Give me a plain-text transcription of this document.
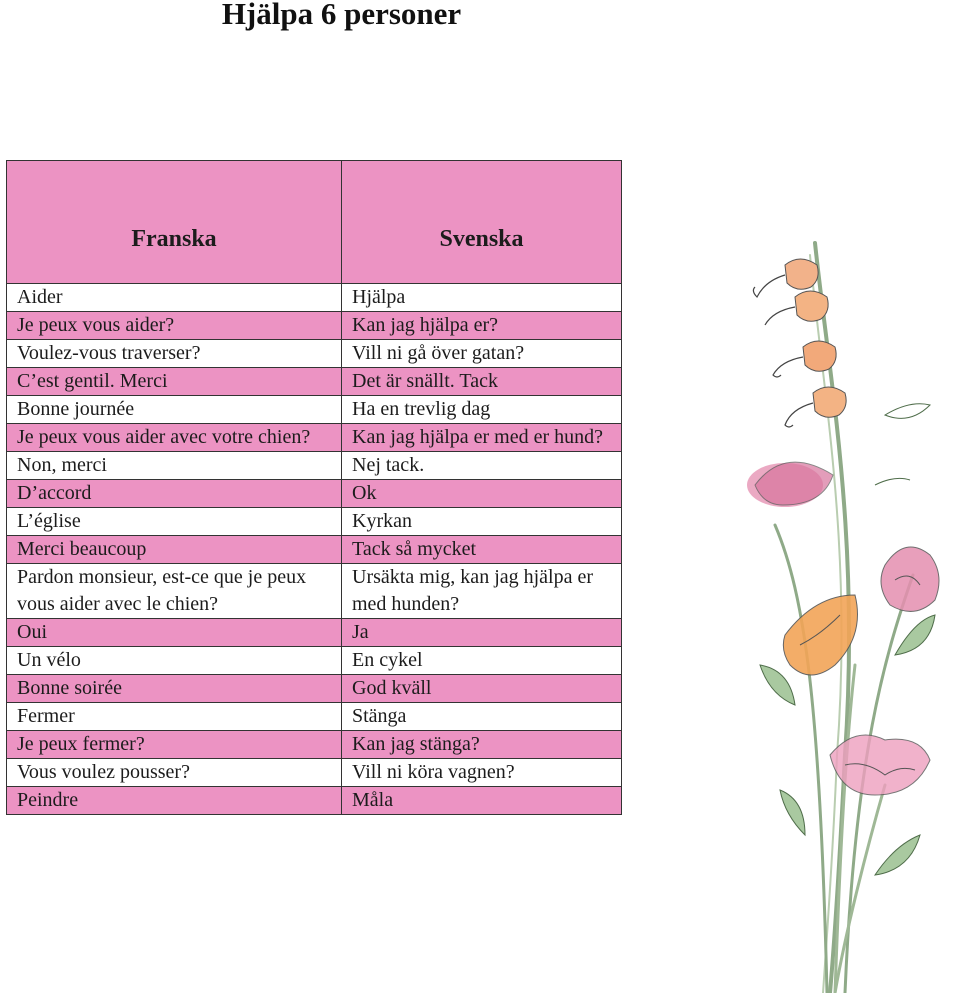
Hjälpa 6 personer
Franska	Svenska
Aider	Hjälpa
Je peux vous aider?	Kan jag hjälpa er?
Voulez-vous traverser?	Vill ni gå över gatan?
C’est gentil. Merci	Det är snällt. Tack
Bonne journée	Ha en trevlig dag
Je peux vous aider avec votre chien?	Kan jag hjälpa er med er hund?
Non, merci	Nej tack.
D’accord	Ok
L’église	Kyrkan
Merci beaucoup	Tack så mycket
Pardon monsieur, est-ce que je peux vous aider avec le chien?	Ursäkta mig, kan jag hjälpa er med hunden?
Oui	Ja
Un vélo	En cykel
Bonne soirée	God kväll
Fermer	Stänga
Je peux fermer?	Kan jag stänga?
Vous voulez pousser?	Vill ni köra vagnen?
Peindre	Måla
